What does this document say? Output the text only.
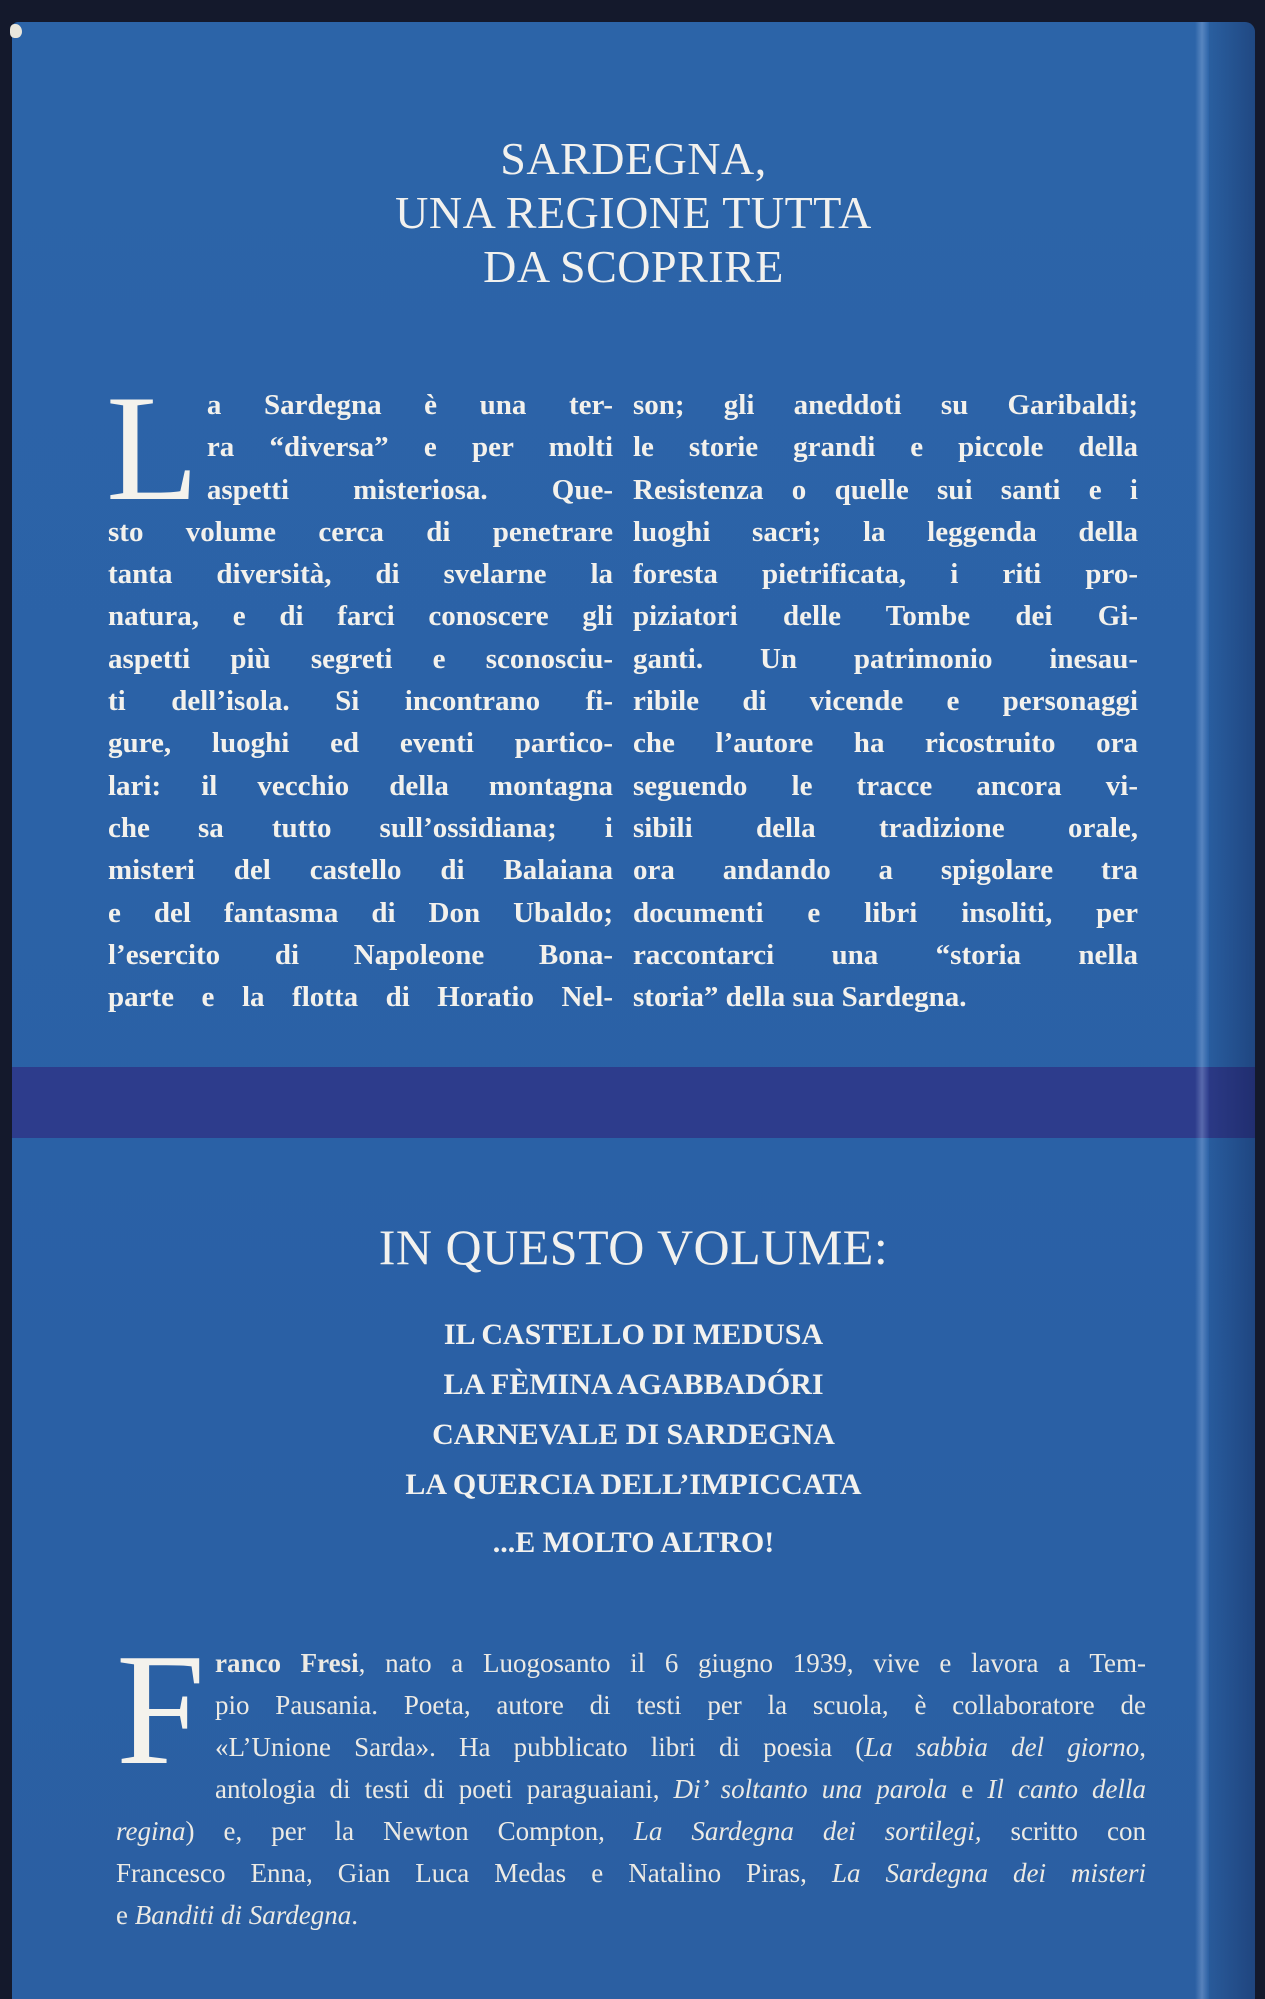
SARDEGNA,
UNA REGIONE TUTTA
DA SCOPRIRE
L a Sardegna è una ter-
ra “diversa” e per molti
aspetti misteriosa. Que-
sto volume cerca di penetrare
tanta diversità, di svelarne la
natura, e di farci conoscere gli
aspetti più segreti e sconosciu-
ti dell’isola. Si incontrano fi-
gure, luoghi ed eventi partico-
lari: il vecchio della montagna
che sa tutto sull’ossidiana; i
misteri del castello di Balaiana
e del fantasma di Don Ubaldo;
l’esercito di Napoleone Bona-
parte e la flotta di Horatio Nel-
son; gli aneddoti su Garibaldi;
le storie grandi e piccole della
Resistenza o quelle sui santi e i
luoghi sacri; la leggenda della
foresta pietrificata, i riti pro-
piziatori delle Tombe dei Gi-
ganti. Un patrimonio inesau-
ribile di vicende e personaggi
che l’autore ha ricostruito ora
seguendo le tracce ancora vi-
sibili della tradizione orale,
ora andando a spigolare tra
documenti e libri insoliti, per
raccontarci una “storia nella
storia” della sua Sardegna.
IN QUESTO VOLUME:
IL CASTELLO DI MEDUSA
LA FÈMINA AGABBADÓRI
CARNEVALE DI SARDEGNA
LA QUERCIA DELL’IMPICCATA
...E MOLTO ALTRO!
F ranco Fresi, nato a Luogosanto il 6 giugno 1939, vive e lavora a Tem-
pio Pausania. Poeta, autore di testi per la scuola, è collaboratore de
«L’Unione Sarda». Ha pubblicato libri di poesia (La sabbia del giorno,
antologia di testi di poeti paraguaiani, Di’ soltanto una parola e Il canto della
regina) e, per la Newton Compton, La Sardegna dei sortilegi, scritto con
Francesco Enna, Gian Luca Medas e Natalino Piras, La Sardegna dei misteri
e Banditi di Sardegna.
